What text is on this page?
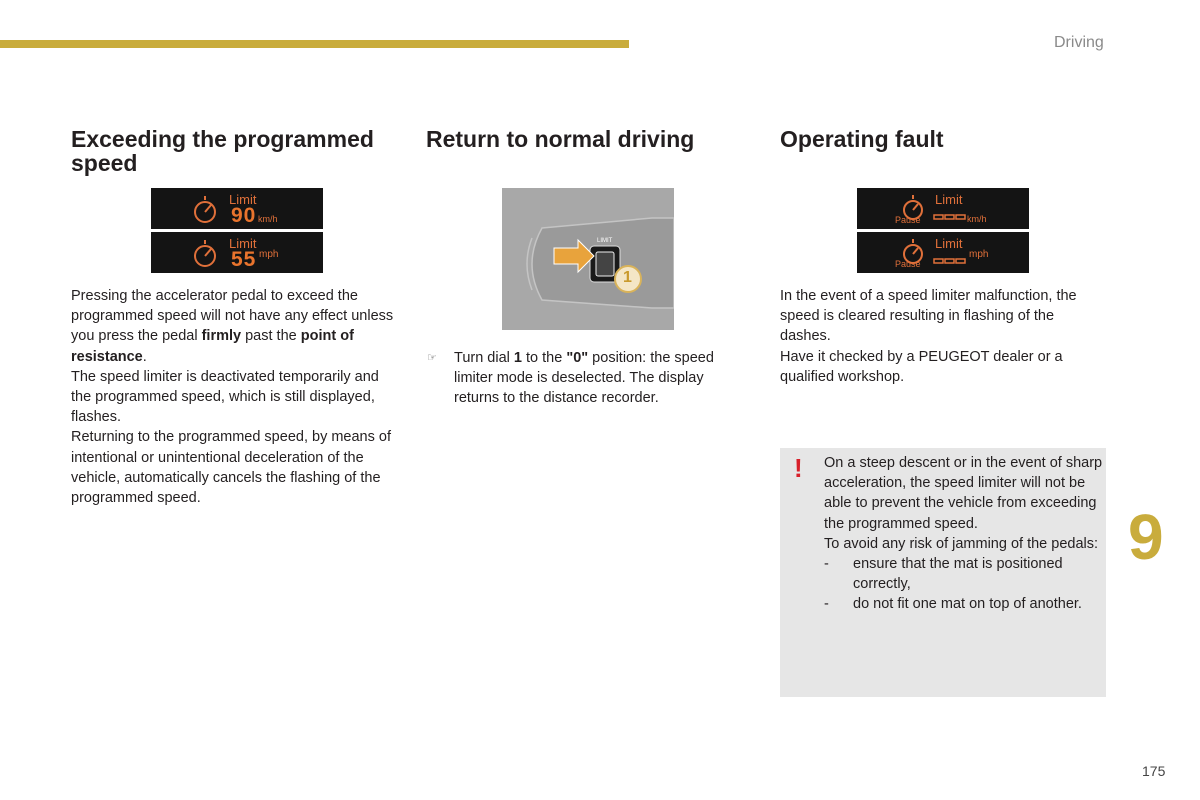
Driving
Exceeding the programmed speed
Limit
90 km/h
Limit
55 mph
Pressing the accelerator pedal to exceed the programmed speed will not have any effect unless you press the pedal firmly past the point of resistance.
The speed limiter is deactivated temporarily and the programmed speed, which is still displayed, flashes.
Returning to the programmed speed, by means of intentional or unintentional deceleration of the vehicle, automatically cancels the flashing of the programmed speed.
Return to normal driving
LIMIT
1
☞ Turn dial 1 to the "0" position: the speed limiter mode is deselected. The display returns to the distance recorder.
Operating fault
Limit
Pause	km/h
Limit
Pause
mph
In the event of a speed limiter malfunction, the speed is cleared resulting in flashing of the dashes.
Have it checked by a PEUGEOT dealer or a qualified workshop.
! On a steep descent or in the event of sharp acceleration, the speed limiter will not be able to prevent the vehicle from exceeding the programmed speed.
To avoid any risk of jamming of the pedals:
- ensure that the mat is positioned correctly,
- do not fit one mat on top of another.
9
175
